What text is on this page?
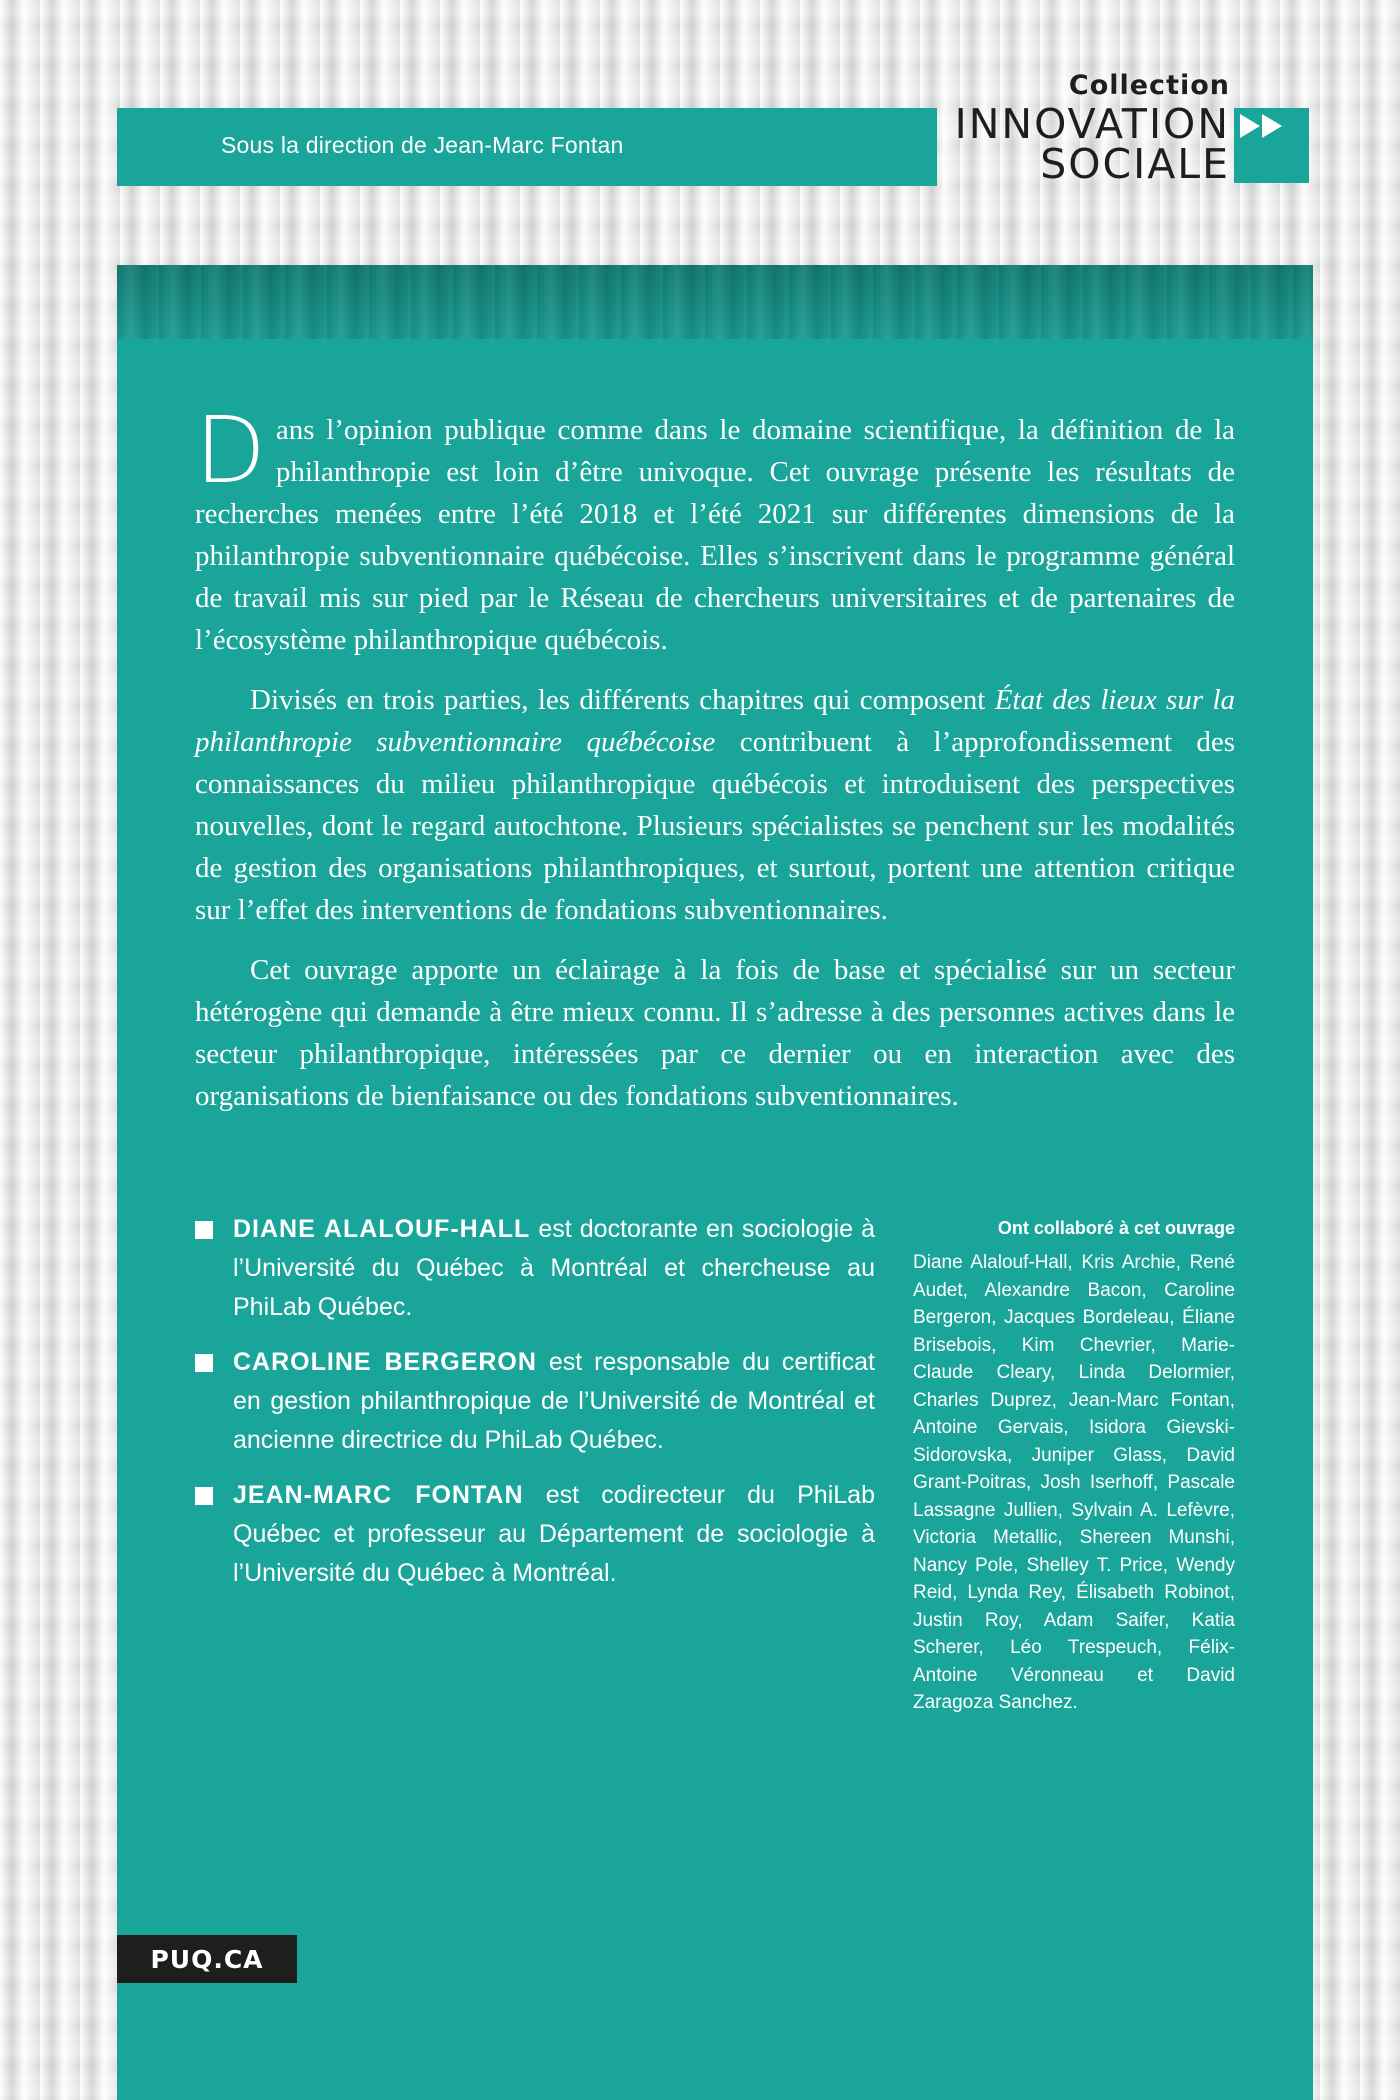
Sous la direction de Jean-Marc Fontan
Collection
INNOVATION
SOCIALE

Dans l’opinion publique comme dans le domaine scientifique, la définition de la philanthropie est loin d’être univoque. Cet ouvrage présente les résultats de recherches menées entre l’été 2018 et l’été 2021 sur différentes dimensions de la philanthropie subventionnaire québécoise. Elles s’inscrivent dans le programme général de travail mis sur pied par le Réseau de chercheurs universitaires et de partenaires de l’écosystème philanthropique québécois.

Divisés en trois parties, les différents chapitres qui composent État des lieux sur la philanthropie subventionnaire québécoise contribuent à l’approfondissement des connaissances du milieu philanthropique québécois et introduisent des perspectives nouvelles, dont le regard autochtone. Plusieurs spécialistes se penchent sur les modalités de gestion des organisations philanthropiques, et surtout, portent une attention critique sur l’effet des interventions de fondations subventionnaires.

Cet ouvrage apporte un éclairage à la fois de base et spécialisé sur un secteur hétérogène qui demande à être mieux connu. Il s’adresse à des personnes actives dans le secteur philanthropique, intéressées par ce dernier ou en interaction avec des organisations de bienfaisance ou des fondations subventionnaires.

DIANE ALALOUF-HALL est doctorante en sociologie à l’Université du Québec à Montréal et chercheuse au PhiLab Québec.
CAROLINE BERGERON est responsable du certificat en gestion philanthropique de l’Université de Montréal et ancienne directrice du PhiLab Québec.
JEAN-MARC FONTAN est codirecteur du PhiLab Québec et professeur au Département de sociologie à l’Université du Québec à Montréal.
Ont collaboré à cet ouvrage
Diane Alalouf-Hall, Kris Archie, René Audet, Alexandre Bacon, Caroline Bergeron, Jacques Bordeleau, Éliane Brisebois, Kim Chevrier, Marie-Claude Cleary, Linda Delormier, Charles Duprez, Jean-Marc Fontan, Antoine Gervais, Isidora Gievski-Sidorovska, Juniper Glass, David Grant-Poitras, Josh Iserhoff, Pascale Lassagne Jullien, Sylvain A. Lefèvre, Victoria Metallic, Shereen Munshi, Nancy Pole, Shelley T. Price, Wendy Reid, Lynda Rey, Élisabeth Robinot, Justin Roy, Adam Saifer, Katia Scherer, Léo Trespeuch, Félix-Antoine Véronneau et David Zaragoza Sanchez.
PUQ.CA
